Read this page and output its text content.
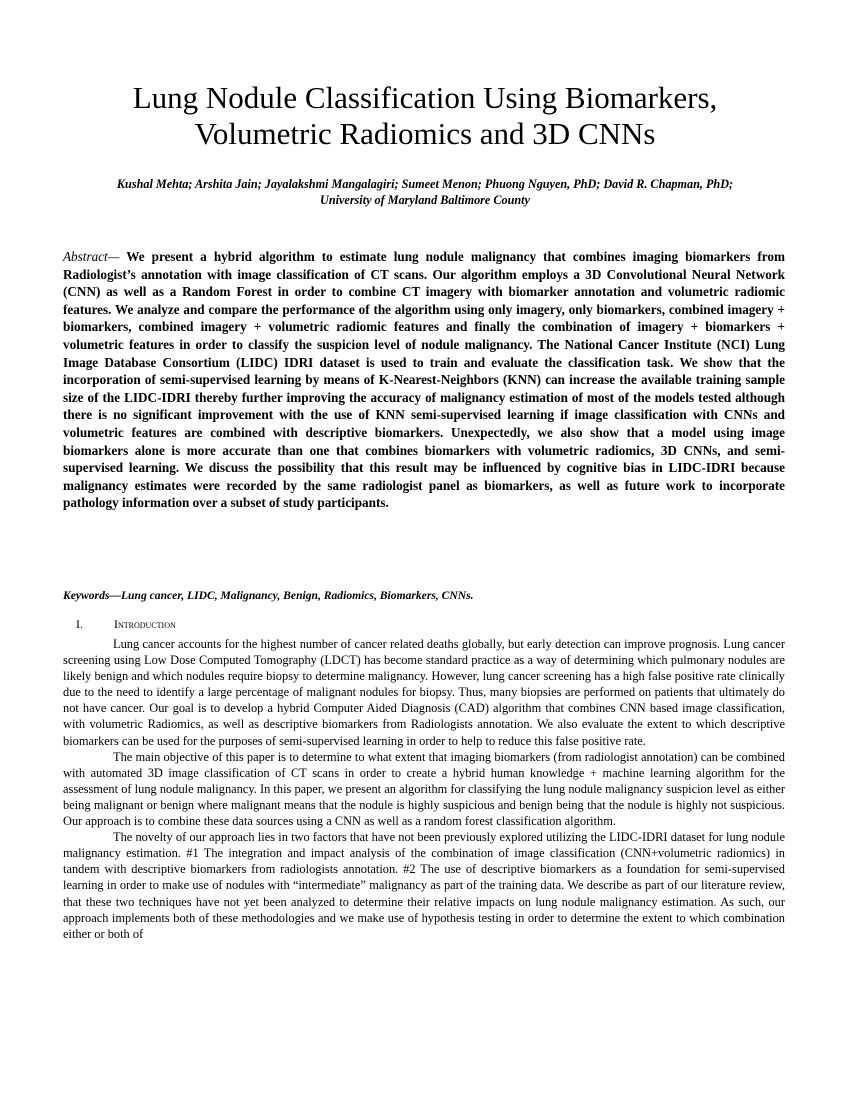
Lung Nodule Classification Using Biomarkers,
Volumetric Radiomics and 3D CNNs
Kushal Mehta; Arshita Jain; Jayalakshmi Mangalagiri; Sumeet Menon; Phuong Nguyen, PhD; David R. Chapman, PhD;
University of Maryland Baltimore County

Abstract— We present a hybrid algorithm to estimate lung nodule malignancy that combines imaging biomarkers from Radiologist’s annotation with image classification of CT scans. Our algorithm employs a 3D Convolutional Neural Network (CNN) as well as a Random Forest in order to combine CT imagery with biomarker annotation and volumetric radiomic features. We analyze and compare the performance of the algorithm using only imagery, only biomarkers, combined imagery + biomarkers, combined imagery + volumetric radiomic features and finally the combination of imagery + biomarkers + volumetric features in order to classify the suspicion level of nodule malignancy. The National Cancer Institute (NCI) Lung Image Database Consortium (LIDC) IDRI dataset is used to train and evaluate the classification task. We show that the incorporation of semi-supervised learning by means of K-Nearest-Neighbors (KNN) can increase the available training sample size of the LIDC-IDRI thereby further improving the accuracy of malignancy estimation of most of the models tested although there is no significant improvement with the use of KNN semi-supervised learning if image classification with CNNs and volumetric features are combined with descriptive biomarkers. Unexpectedly, we also show that a model using image biomarkers alone is more accurate than one that combines biomarkers with volumetric radiomics, 3D CNNs, and semi-supervised learning. We discuss the possibility that this result may be influenced by cognitive bias in LIDC-IDRI because malignancy estimates were recorded by the same radiologist panel as biomarkers, as well as future work to incorporate pathology information over a subset of study participants.

Keywords—Lung cancer, LIDC, Malignancy, Benign, Radiomics, Biomarkers, CNNs.

I.	Introduction

Lung cancer accounts for the highest number of cancer related deaths globally, but early detection can improve prognosis. Lung cancer screening using Low Dose Computed Tomography (LDCT) has become standard practice as a way of determining which pulmonary nodules are likely benign and which nodules require biopsy to determine malignancy. However, lung cancer screening has a high false positive rate clinically due to the need to identify a large percentage of malignant nodules for biopsy. Thus, many biopsies are performed on patients that ultimately do not have cancer. Our goal is to develop a hybrid Computer Aided Diagnosis (CAD) algorithm that combines CNN based image classification, with volumetric Radiomics, as well as descriptive biomarkers from Radiologists annotation. We also evaluate the extent to which descriptive biomarkers can be used for the purposes of semi-supervised learning in order to help to reduce this false positive rate.

The main objective of this paper is to determine to what extent that imaging biomarkers (from radiologist annotation) can be combined with automated 3D image classification of CT scans in order to create a hybrid human knowledge + machine learning algorithm for the assessment of lung nodule malignancy. In this paper, we present an algorithm for classifying the lung nodule malignancy suspicion level as either being malignant or benign where malignant means that the nodule is highly suspicious and benign being that the nodule is highly not suspicious. Our approach is to combine these data sources using a CNN as well as a random forest classification algorithm.

The novelty of our approach lies in two factors that have not been previously explored utilizing the LIDC-IDRI dataset for lung nodule malignancy estimation. #1 The integration and impact analysis of the combination of image classification (CNN+volumetric radiomics) in tandem with descriptive biomarkers from radiologists annotation. #2 The use of descriptive biomarkers as a foundation for semi-supervised learning in order to make use of nodules with “intermediate” malignancy as part of the training data. We describe as part of our literature review, that these two techniques have not yet been analyzed to determine their relative impacts on lung nodule malignancy estimation. As such, our approach implements both of these methodologies and we make use of hypothesis testing in order to determine the extent to which combination either or both of
